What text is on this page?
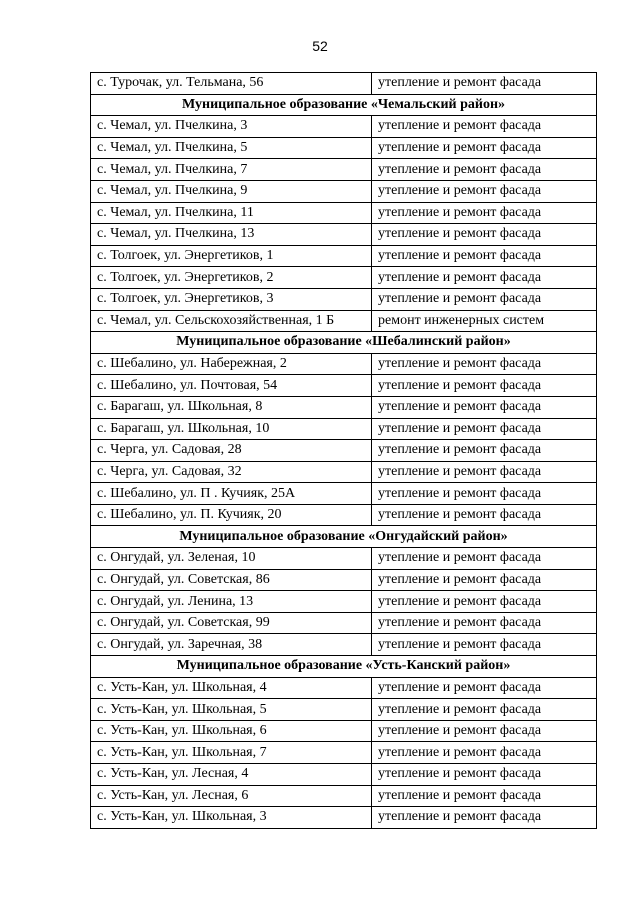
52
с. Турочак, ул. Тельмана, 56	утепление и ремонт фасада
Муниципальное образование «Чемальский район»	
с. Чемал, ул. Пчелкина, 3	утепление и ремонт фасада
с. Чемал, ул. Пчелкина, 5	утепление и ремонт фасада
с. Чемал, ул. Пчелкина, 7	утепление и ремонт фасада
с. Чемал, ул. Пчелкина, 9	утепление и ремонт фасада
с. Чемал, ул. Пчелкина, 11	утепление и ремонт фасада
с. Чемал, ул. Пчелкина, 13	утепление и ремонт фасада
с. Толгоек, ул. Энергетиков, 1	утепление и ремонт фасада
с. Толгоек, ул. Энергетиков, 2	утепление и ремонт фасада
с. Толгоек, ул. Энергетиков, 3	утепление и ремонт фасада
с. Чемал, ул. Сельскохозяйственная, 1 Б	ремонт инженерных систем
Муниципальное образование «Шебалинский район»	
с. Шебалино, ул. Набережная, 2	утепление и ремонт фасада
с. Шебалино, ул. Почтовая, 54	утепление и ремонт фасада
с. Барагаш, ул. Школьная, 8	утепление и ремонт фасада
с. Барагаш, ул. Школьная, 10	утепление и ремонт фасада
с. Черга, ул. Садовая, 28	утепление и ремонт фасада
с. Черга, ул. Садовая, 32	утепление и ремонт фасада
с. Шебалино, ул. П . Кучияк, 25А	утепление и ремонт фасада
с. Шебалино, ул. П. Кучияк, 20	утепление и ремонт фасада
Муниципальное образование «Онгудайский район»	
с. Онгудай, ул. Зеленая, 10	утепление и ремонт фасада
с. Онгудай, ул. Советская, 86	утепление и ремонт фасада
с. Онгудай, ул. Ленина, 13	утепление и ремонт фасада
с. Онгудай, ул. Советская, 99	утепление и ремонт фасада
с. Онгудай, ул. Заречная, 38	утепление и ремонт фасада
Муниципальное образование «Усть-Канский район»	
с. Усть-Кан, ул. Школьная, 4	утепление и ремонт фасада
с. Усть-Кан, ул. Школьная, 5	утепление и ремонт фасада
с. Усть-Кан, ул. Школьная, 6	утепление и ремонт фасада
с. Усть-Кан, ул. Школьная, 7	утепление и ремонт фасада
с. Усть-Кан, ул. Лесная, 4	утепление и ремонт фасада
с. Усть-Кан, ул. Лесная, 6	утепление и ремонт фасада
с. Усть-Кан, ул. Школьная, 3	утепление и ремонт фасада
